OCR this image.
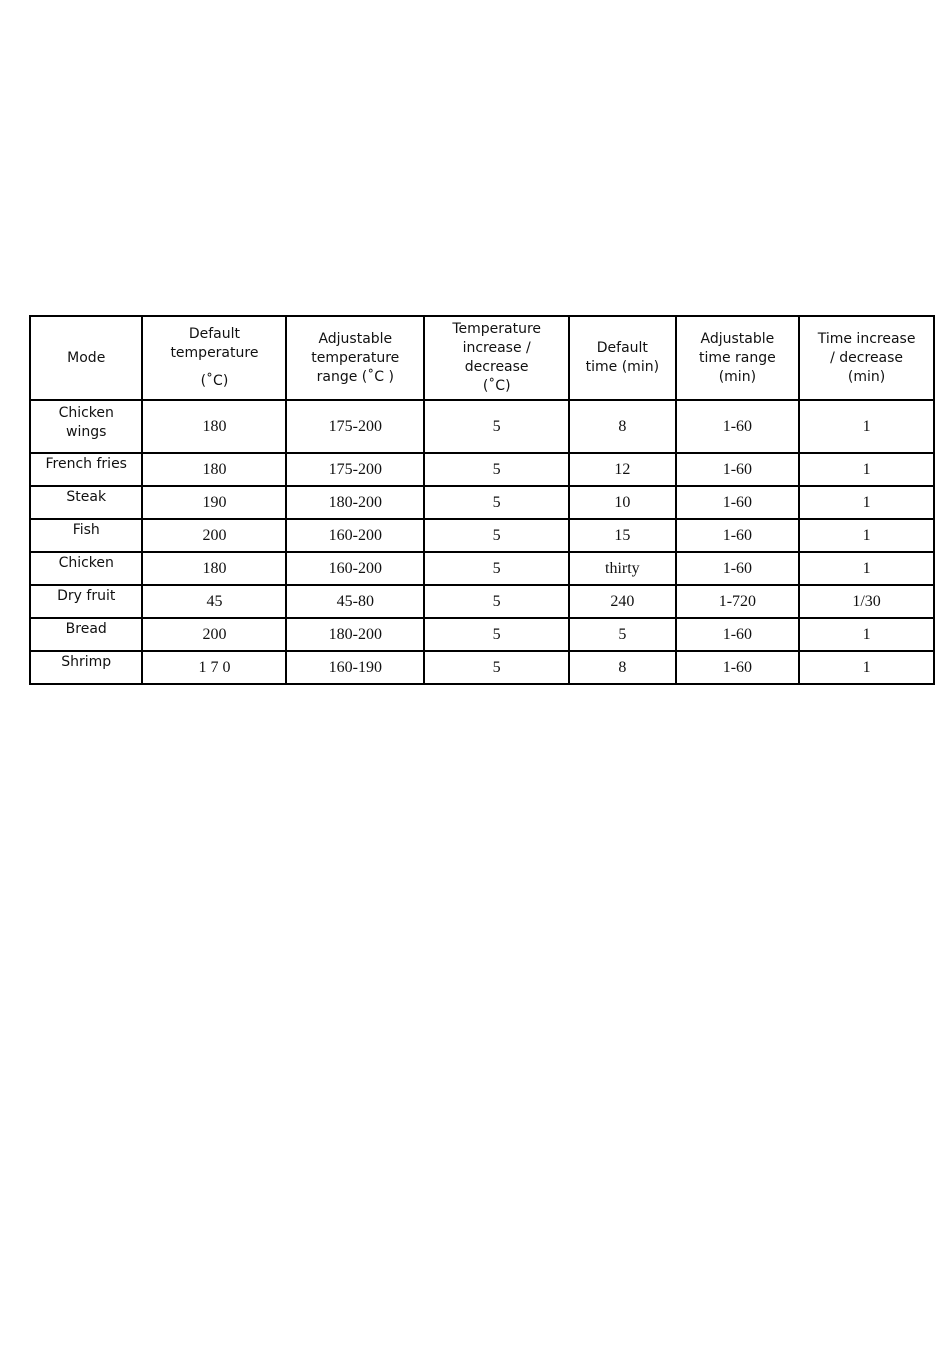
Mode	Default
temperature
(˚C)	Adjustable
temperature
range (˚C )	Temperature
increase /
decrease
(˚C)	Default
time (min)	Adjustable
time range
(min)	Time increase
/ decrease
(min)

Chicken
wings	180	175-200	5	8	1-60	1
French fries	180	175-200	5	12	1-60	1
Steak	190	180-200	5	10	1-60	1
Fish	200	160-200	5	15	1-60	1
Chicken	180	160-200	5	thirty	1-60	1
Dry fruit	45	45-80	5	240	1-720	1/30
Bread	200	180-200	5	5	1-60	1
Shrimp	1 7 0	160-190	5	8	1-60	1
